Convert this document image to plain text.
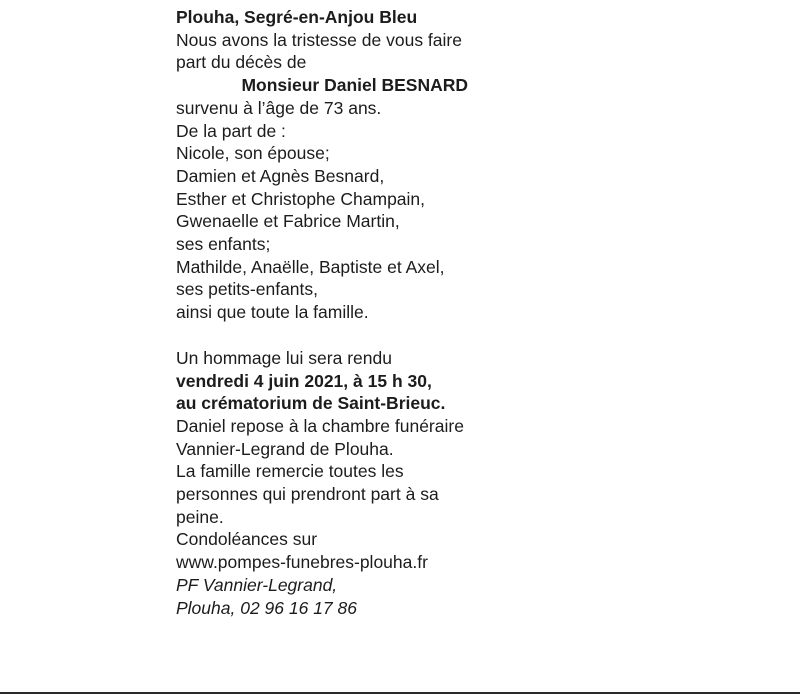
Plouha, Segré-en-Anjou Bleu

Nous avons la tristesse de vous faire
part du décès de

Monsieur Daniel BESNARD

survenu à l’âge de 73 ans.
De la part de :
Nicole, son épouse;
Damien et Agnès Besnard,
Esther et Christophe Champain,
Gwenaelle et Fabrice Martin,
ses enfants;
Mathilde, Anaëlle, Baptiste et Axel,
ses petits-enfants,
ainsi que toute la famille.

Un hommage lui sera rendu
vendredi 4 juin 2021, à 15 h 30,
au crématorium de Saint-Brieuc.
Daniel repose à la chambre funéraire
Vannier-Legrand de Plouha.
La famille remercie toutes les
personnes qui prendront part à sa
peine.
Condoléances sur
www.pompes-funebres-plouha.fr

PF Vannier-Legrand,
Plouha, 02 96 16 17 86
